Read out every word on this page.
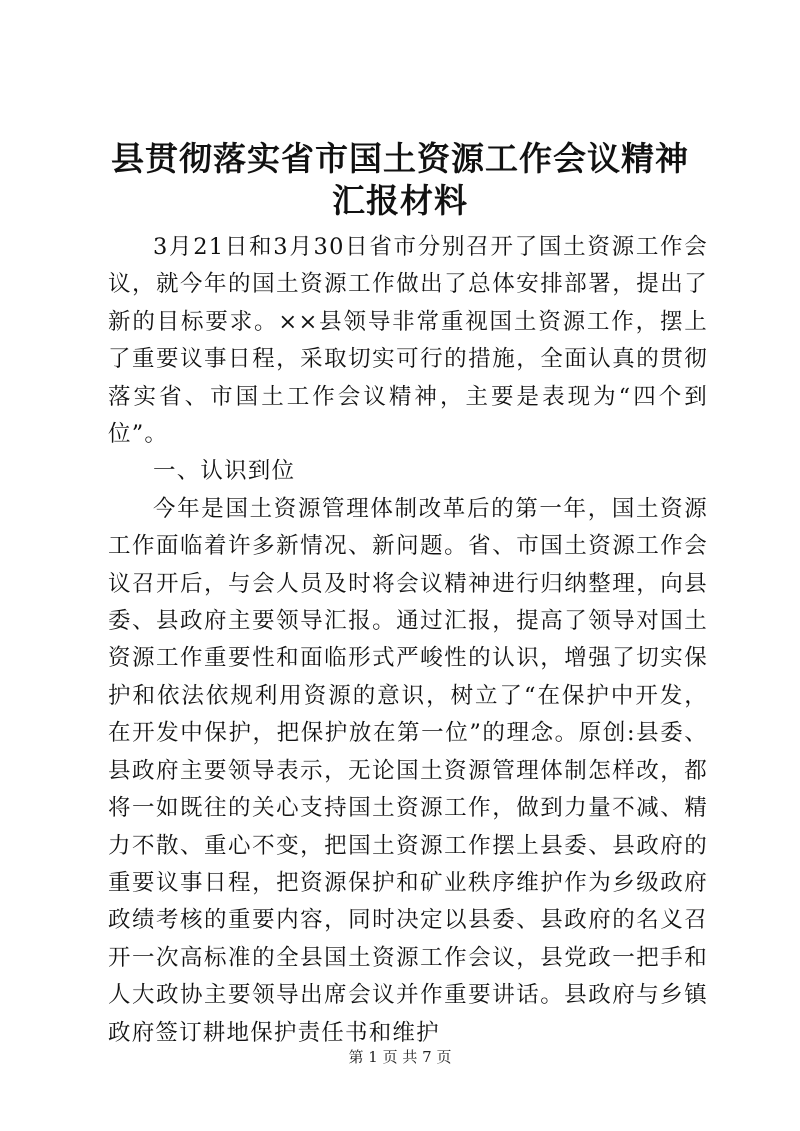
县贯彻落实省市国土资源工作会议精神汇报材料

3月21日和3月30日省市分别召开了国土资源工作会议，就今年的国土资源工作做出了总体安排部署，提出了新的目标要求。××县领导非常重视国土资源工作，摆上了重要议事日程，采取切实可行的措施，全面认真的贯彻落实省、市国土工作会议精神，主要是表现为“四个到位”。

一、认识到位

今年是国土资源管理体制改革后的第一年，国土资源工作面临着许多新情况、新问题。省、市国土资源工作会议召开后，与会人员及时将会议精神进行归纳整理，向县委、县政府主要领导汇报。通过汇报，提高了领导对国土资源工作重要性和面临形式严峻性的认识，增强了切实保护和依法依规利用资源的意识，树立了“在保护中开发，在开发中保护，把保护放在第一位”的理念。原创:县委、县政府主要领导表示，无论国土资源管理体制怎样改，都将一如既往的关心支持国土资源工作，做到力量不减、精力不散、重心不变，把国土资源工作摆上县委、县政府的重要议事日程，把资源保护和矿业秩序维护作为乡级政府政绩考核的重要内容，同时决定以县委、县政府的名义召开一次高标准的全县国土资源工作会议，县党政一把手和人大政协主要领导出席会议并作重要讲话。县政府与乡镇政府签订耕地保护责任书和维护

第 1 页 共 7 页
